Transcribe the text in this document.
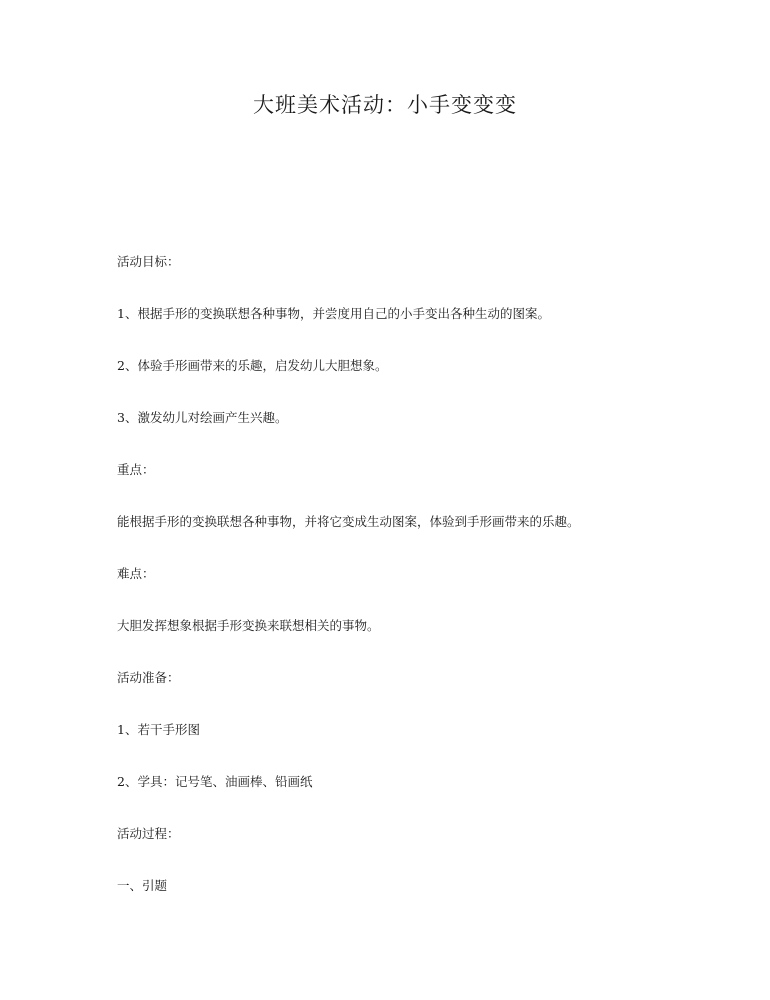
大班美术活动：小手变变变
活动目标：
1、根据手形的变换联想各种事物，并尝度用自己的小手变出各种生动的图案。
2、体验手形画带来的乐趣，启发幼儿大胆想象。
3、激发幼儿对绘画产生兴趣。
重点：
能根据手形的变换联想各种事物，并将它变成生动图案，体验到手形画带来的乐趣。
难点：
大胆发挥想象根据手形变换来联想相关的事物。
活动准备：
1、若干手形图
2、学具：记号笔、油画棒、铅画纸
活动过程：
一、引题
